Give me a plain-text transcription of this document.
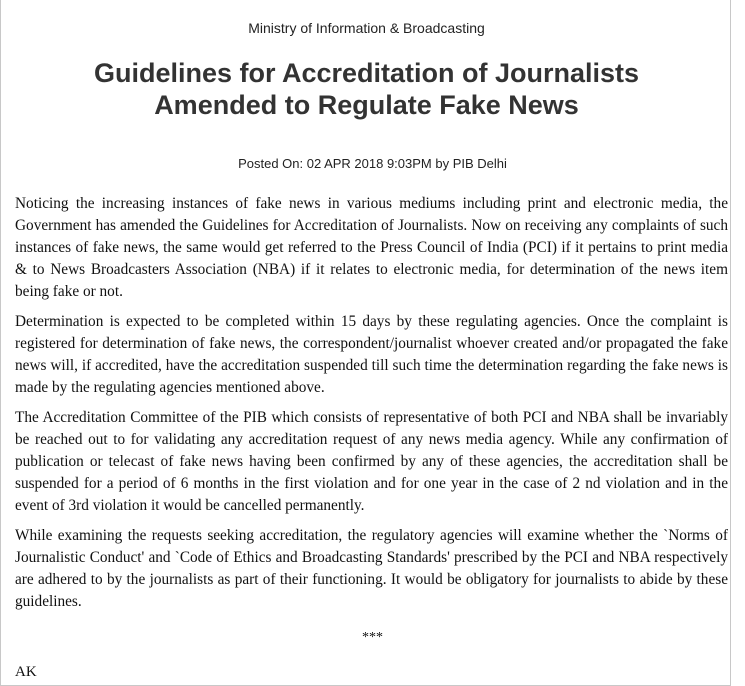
Ministry of Information & Broadcasting
Guidelines for Accreditation of Journalists
Amended to Regulate Fake News
Posted On: 02 APR 2018 9:03PM by PIB Delhi

Noticing the increasing instances of fake news in various mediums including print and electronic media, the Government has amended the Guidelines for Accreditation of Journalists. Now on receiving any complaints of such instances of fake news, the same would get referred to the Press Council of India (PCI) if it pertains to print media & to News Broadcasters Association (NBA) if it relates to electronic media, for determination of the news item being fake or not.

Determination is expected to be completed within 15 days by these regulating agencies. Once the complaint is registered for determination of fake news, the correspondent/journalist whoever created and/or propagated the fake news will, if accredited, have the accreditation suspended till such time the determination regarding the fake news is made by the regulating agencies mentioned above.

The Accreditation Committee of the PIB which consists of representative of both PCI and NBA shall be invariably be reached out to for validating any accreditation request of any news media agency. While any confirmation of publication or telecast of fake news having been confirmed by any of these agencies, the accreditation shall be suspended for a period of 6 months in the first violation and for one year in the case of 2 nd violation and in the event of 3rd violation it would be cancelled permanently.

While examining the requests seeking accreditation, the regulatory agencies will examine whether the `Norms of Journalistic Conduct' and `Code of Ethics and Broadcasting Standards' prescribed by the PCI and NBA respectively are adhered to by the journalists as part of their functioning. It would be obligatory for journalists to abide by these guidelines.

***
AK
